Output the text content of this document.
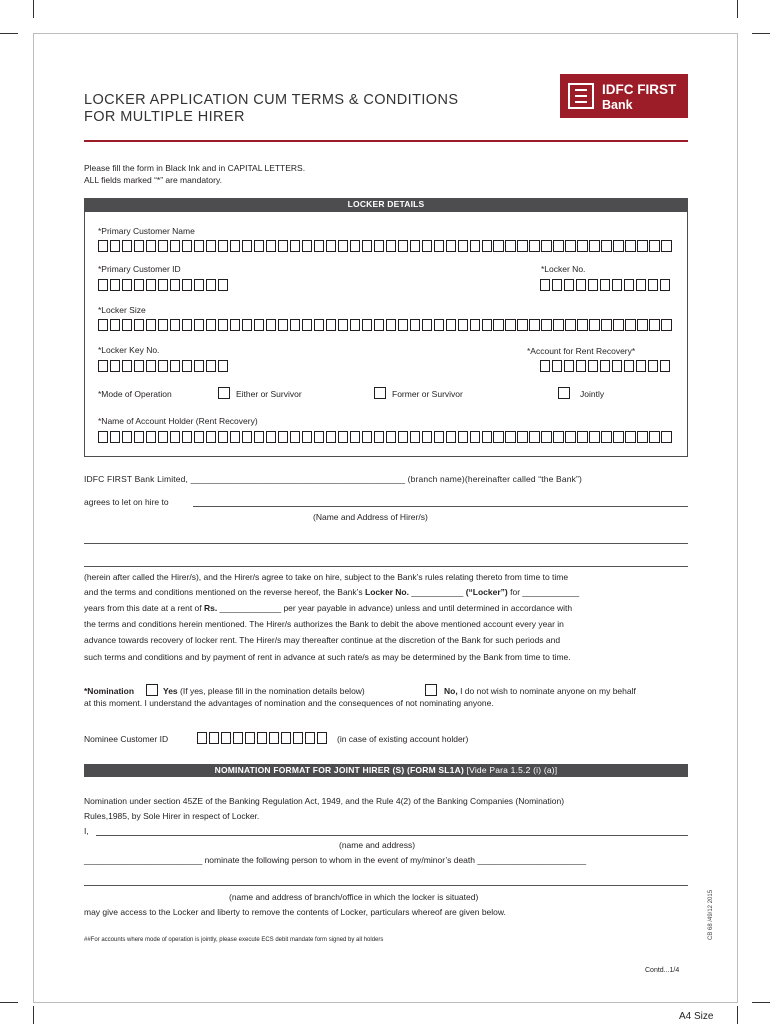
LOCKER APPLICATION CUM TERMS & CONDITIONS
FOR MULTIPLE HIRER
IDFC FIRST
Bank
Please fill the form in Black Ink and in CAPITAL LETTERS.
ALL fields marked “*” are mandatory.
LOCKER DETAILS
*Primary Customer Name
*Primary Customer ID	*Locker No.
*Locker Size
*Locker Key No.	*Account for Rent Recovery*
*Mode of Operation	Either or Survivor	Former or Survivor	Jointly
*Name of Account Holder (Rent Recovery)
IDFC FIRST Bank Limited, ____________________________________________ (branch name)(hereinafter called “the Bank”)
agrees to let on hire to
(Name and Address of Hirer/s)
(herein after called the Hirer/s), and the Hirer/s agree to take on hire, subject to the Bank’s rules relating thereto from time to time
and the terms and conditions mentioned on the reverse hereof, the Bank’s Locker No. ___________ (“Locker”) for ____________
years from this date at a rent of Rs. _____________ per year payable in advance) unless and until determined in accordance with
the terms and conditions herein mentioned. The Hirer/s authorizes the Bank to debit the above mentioned account every year in
advance towards recovery of locker rent. The Hirer/s may thereafter continue at the discretion of the Bank for such periods and
such terms and conditions and by payment of rent in advance at such rate/s as may be determined by the Bank from time to time.
*Nomination	Yes (If yes, please fill in the nomination details below)	No, I do not wish to nominate anyone on my behalf
at this moment. I understand the advantages of nomination and the consequences of not nominating anyone.
Nominee Customer ID	(in case of existing account holder)
NOMINATION FORMAT FOR JOINT HIRER (S) (FORM SL1A) [Vide Para 1.5.2 (i) (a)]
Nomination under section 45ZE of the Banking Regulation Act, 1949, and the Rule 4(2) of the Banking Companies (Nomination)
Rules,1985, by Sole Hirer in respect of Locker.
I,
(name and address)
_________________________ nominate the following person to whom in the event of my/minor’s death _______________________
(name and address of branch/office in which the locker is situated)
may give access to the Locker and liberty to remove the contents of Locker, particulars whereof are given below.
##For accounts where mode of operation is jointly, please execute ECS debit mandate form signed by all holders	CB 68 /49/12 2015
Contd...1/4
A4 Size
